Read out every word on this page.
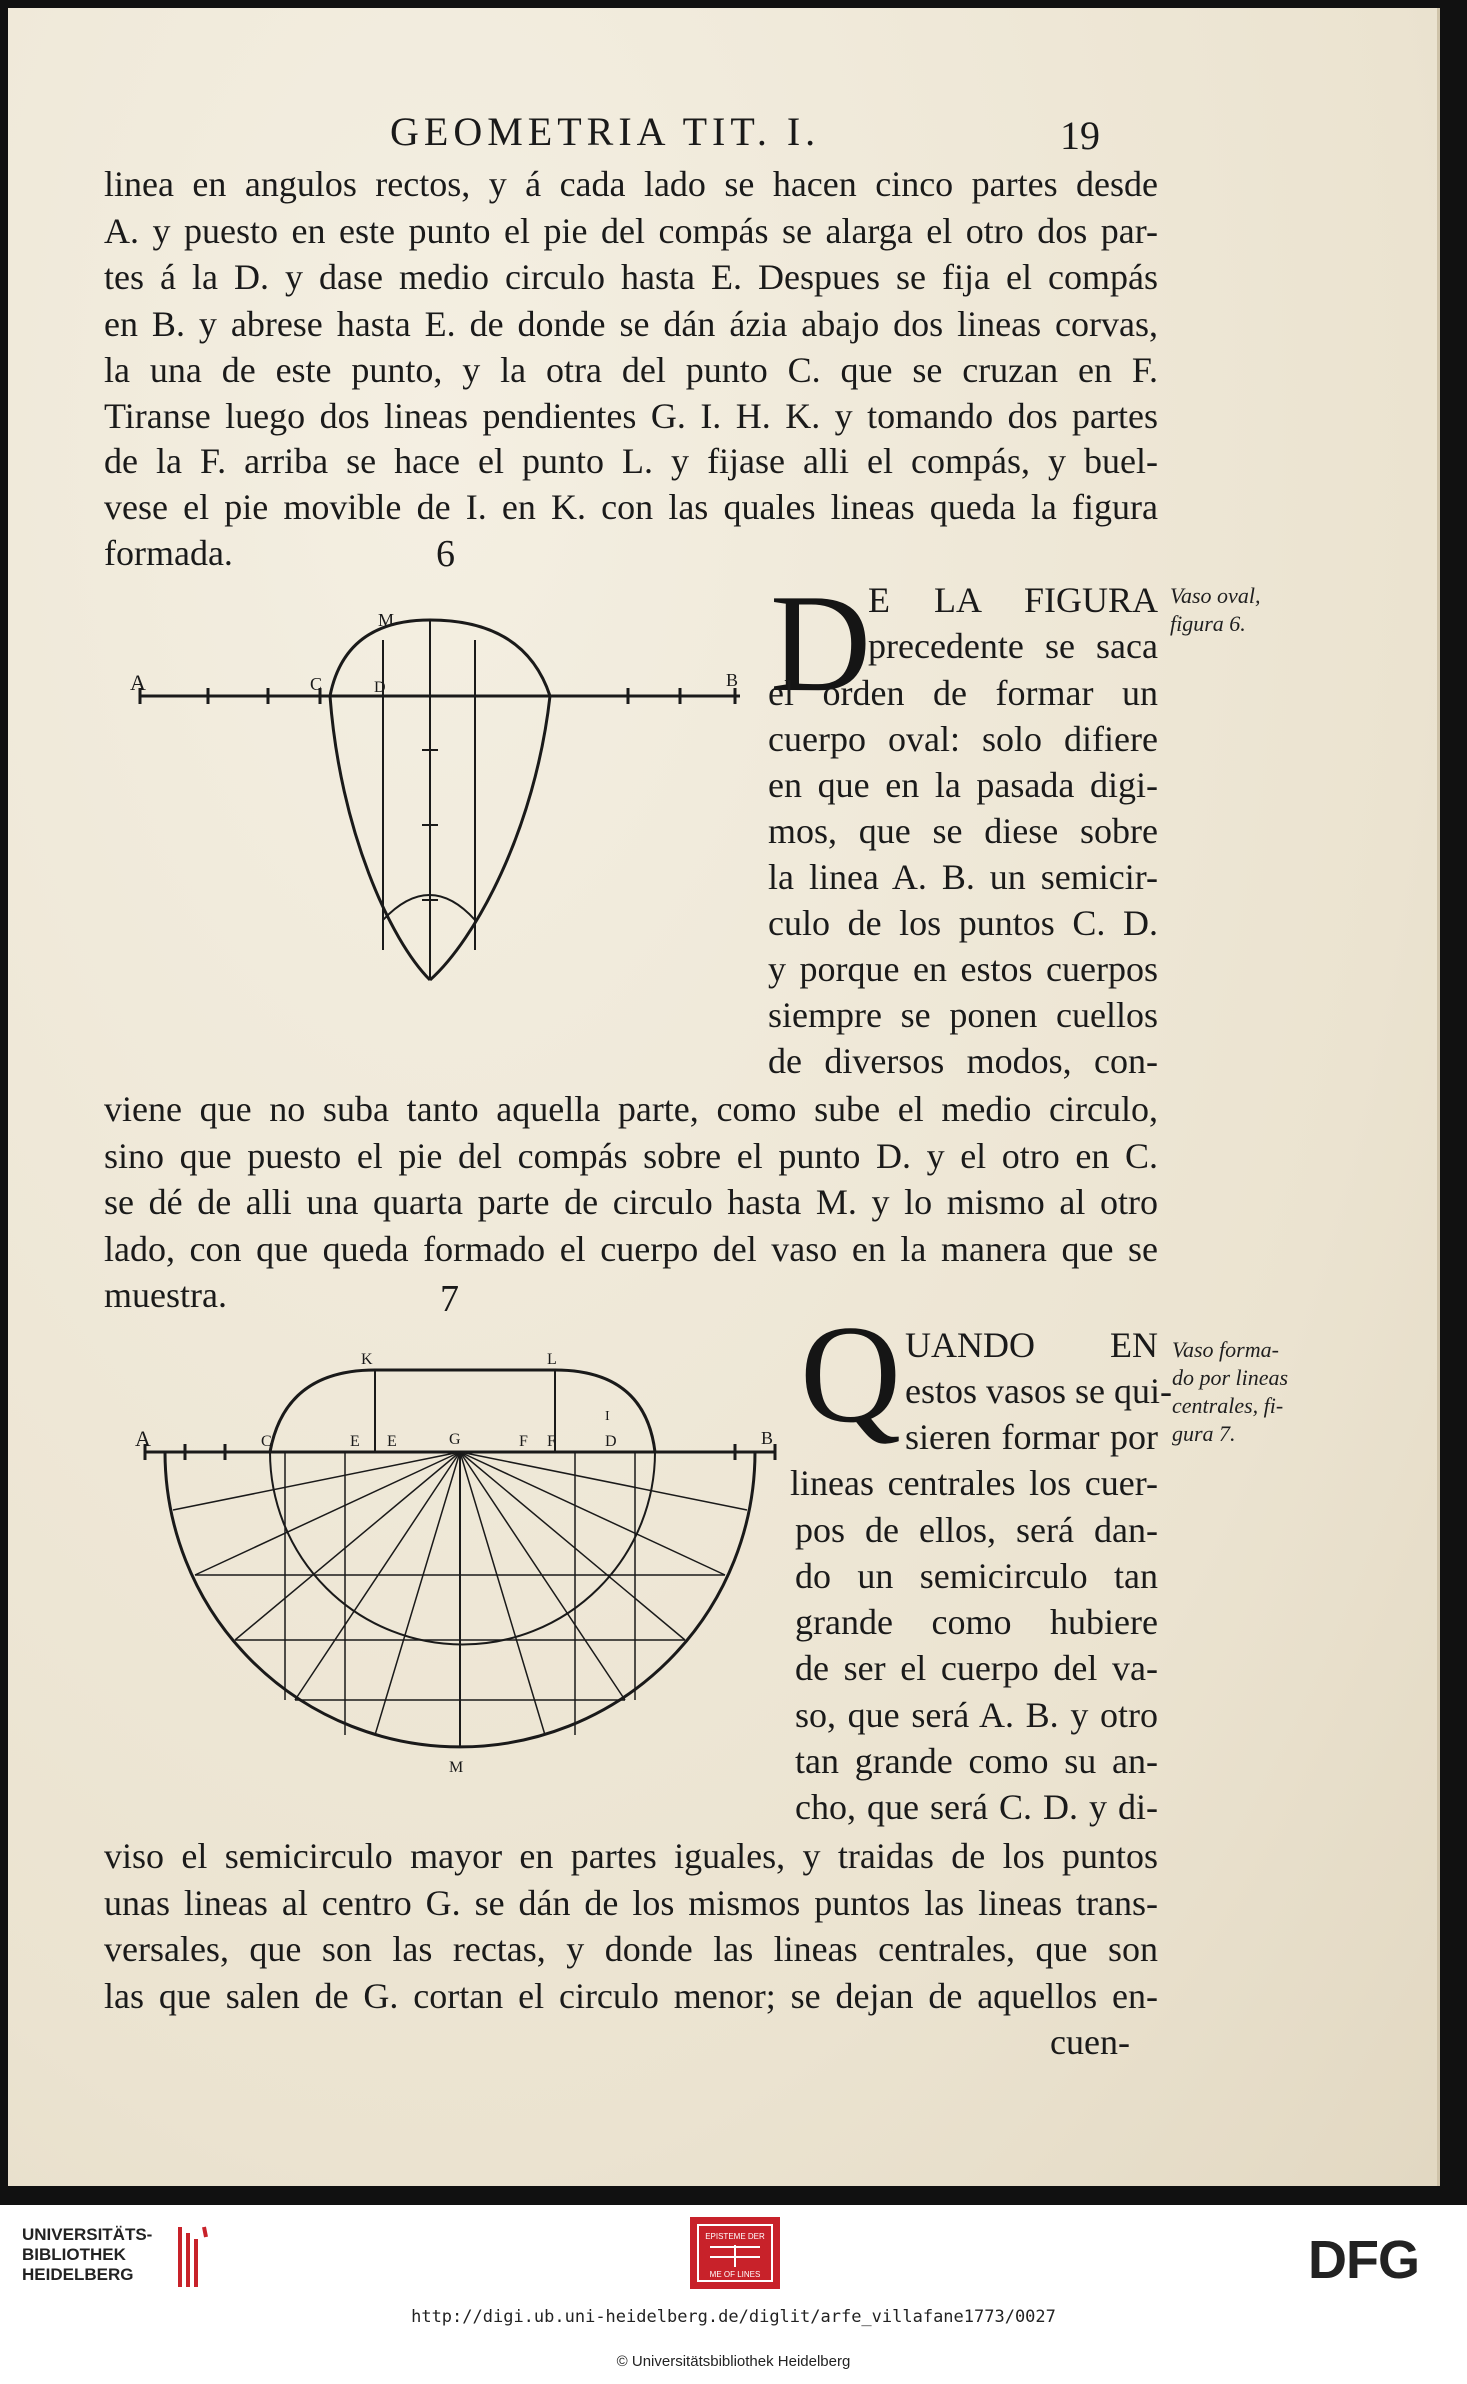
GEOMETRIA TIT. I.	19
linea en angulos rectos, y á cada lado se hacen cinco partes desde
A. y puesto en este punto el pie del compás se alarga el otro dos par-
tes á la D. y dase medio circulo hasta E. Despues se fija el compás
en B. y abrese hasta E. de donde se dán ázia abajo dos lineas corvas,
la una de este punto, y la otra del punto C. que se cruzan en F.
Tiranse luego dos lineas pendientes G. I. H. K. y tomando dos partes
de la F. arriba se hace el punto L. y fijase alli el compás, y buel-
vese el pie movible de I. en K. con las quales lineas queda la figura
formada.	6
Vaso oval,
figura 6.
D
E LA FIGURA
precedente se saca
el orden de formar un
cuerpo oval: solo difiere
en que en la pasada digi-
mos, que se diese sobre
la linea A. B. un semicir-
culo de los puntos C. D.
y porque en estos cuerpos
siempre se ponen cuellos
de diversos modos, con-
A	C	D
M
B
viene que no suba tanto aquella parte, como sube el medio circulo,
sino que puesto el pie del compás sobre el punto D. y el otro en C.
se dé de alli una quarta parte de circulo hasta M. y lo mismo al otro
lado, con que queda formado el cuerpo del vaso en la manera que se
muestra.	7
Vaso forma-
do por lineas
centrales, fi-
gura 7.
Q UANDO EN
estos vasos se qui-
sieren formar por
lineas centrales los cuer-
pos de ellos, será dan-
do un semicirculo tan
grande como hubiere
de ser el cuerpo del va-
so, que será A. B. y otro
tan grande como su an-
cho, que será C. D. y di-
A	C	E E	G	F F	D	B
K	L
I
M
viso el semicirculo mayor en partes iguales, y traidas de los puntos
unas lineas al centro G. se dán de los mismos puntos las lineas trans-
versales, que son las rectas, y donde las lineas centrales, que son
las que salen de G. cortan el circulo menor; se dejan de aquellos en-
cuen-
UNIVERSITÄTS-
BIBLIOTHEK
HEIDELBERG
EPISTEME DER
ME OF LINES	DFG
http://digi.ub.uni-heidelberg.de/diglit/arfe_villafane1773/0027
© Universitätsbibliothek Heidelberg
